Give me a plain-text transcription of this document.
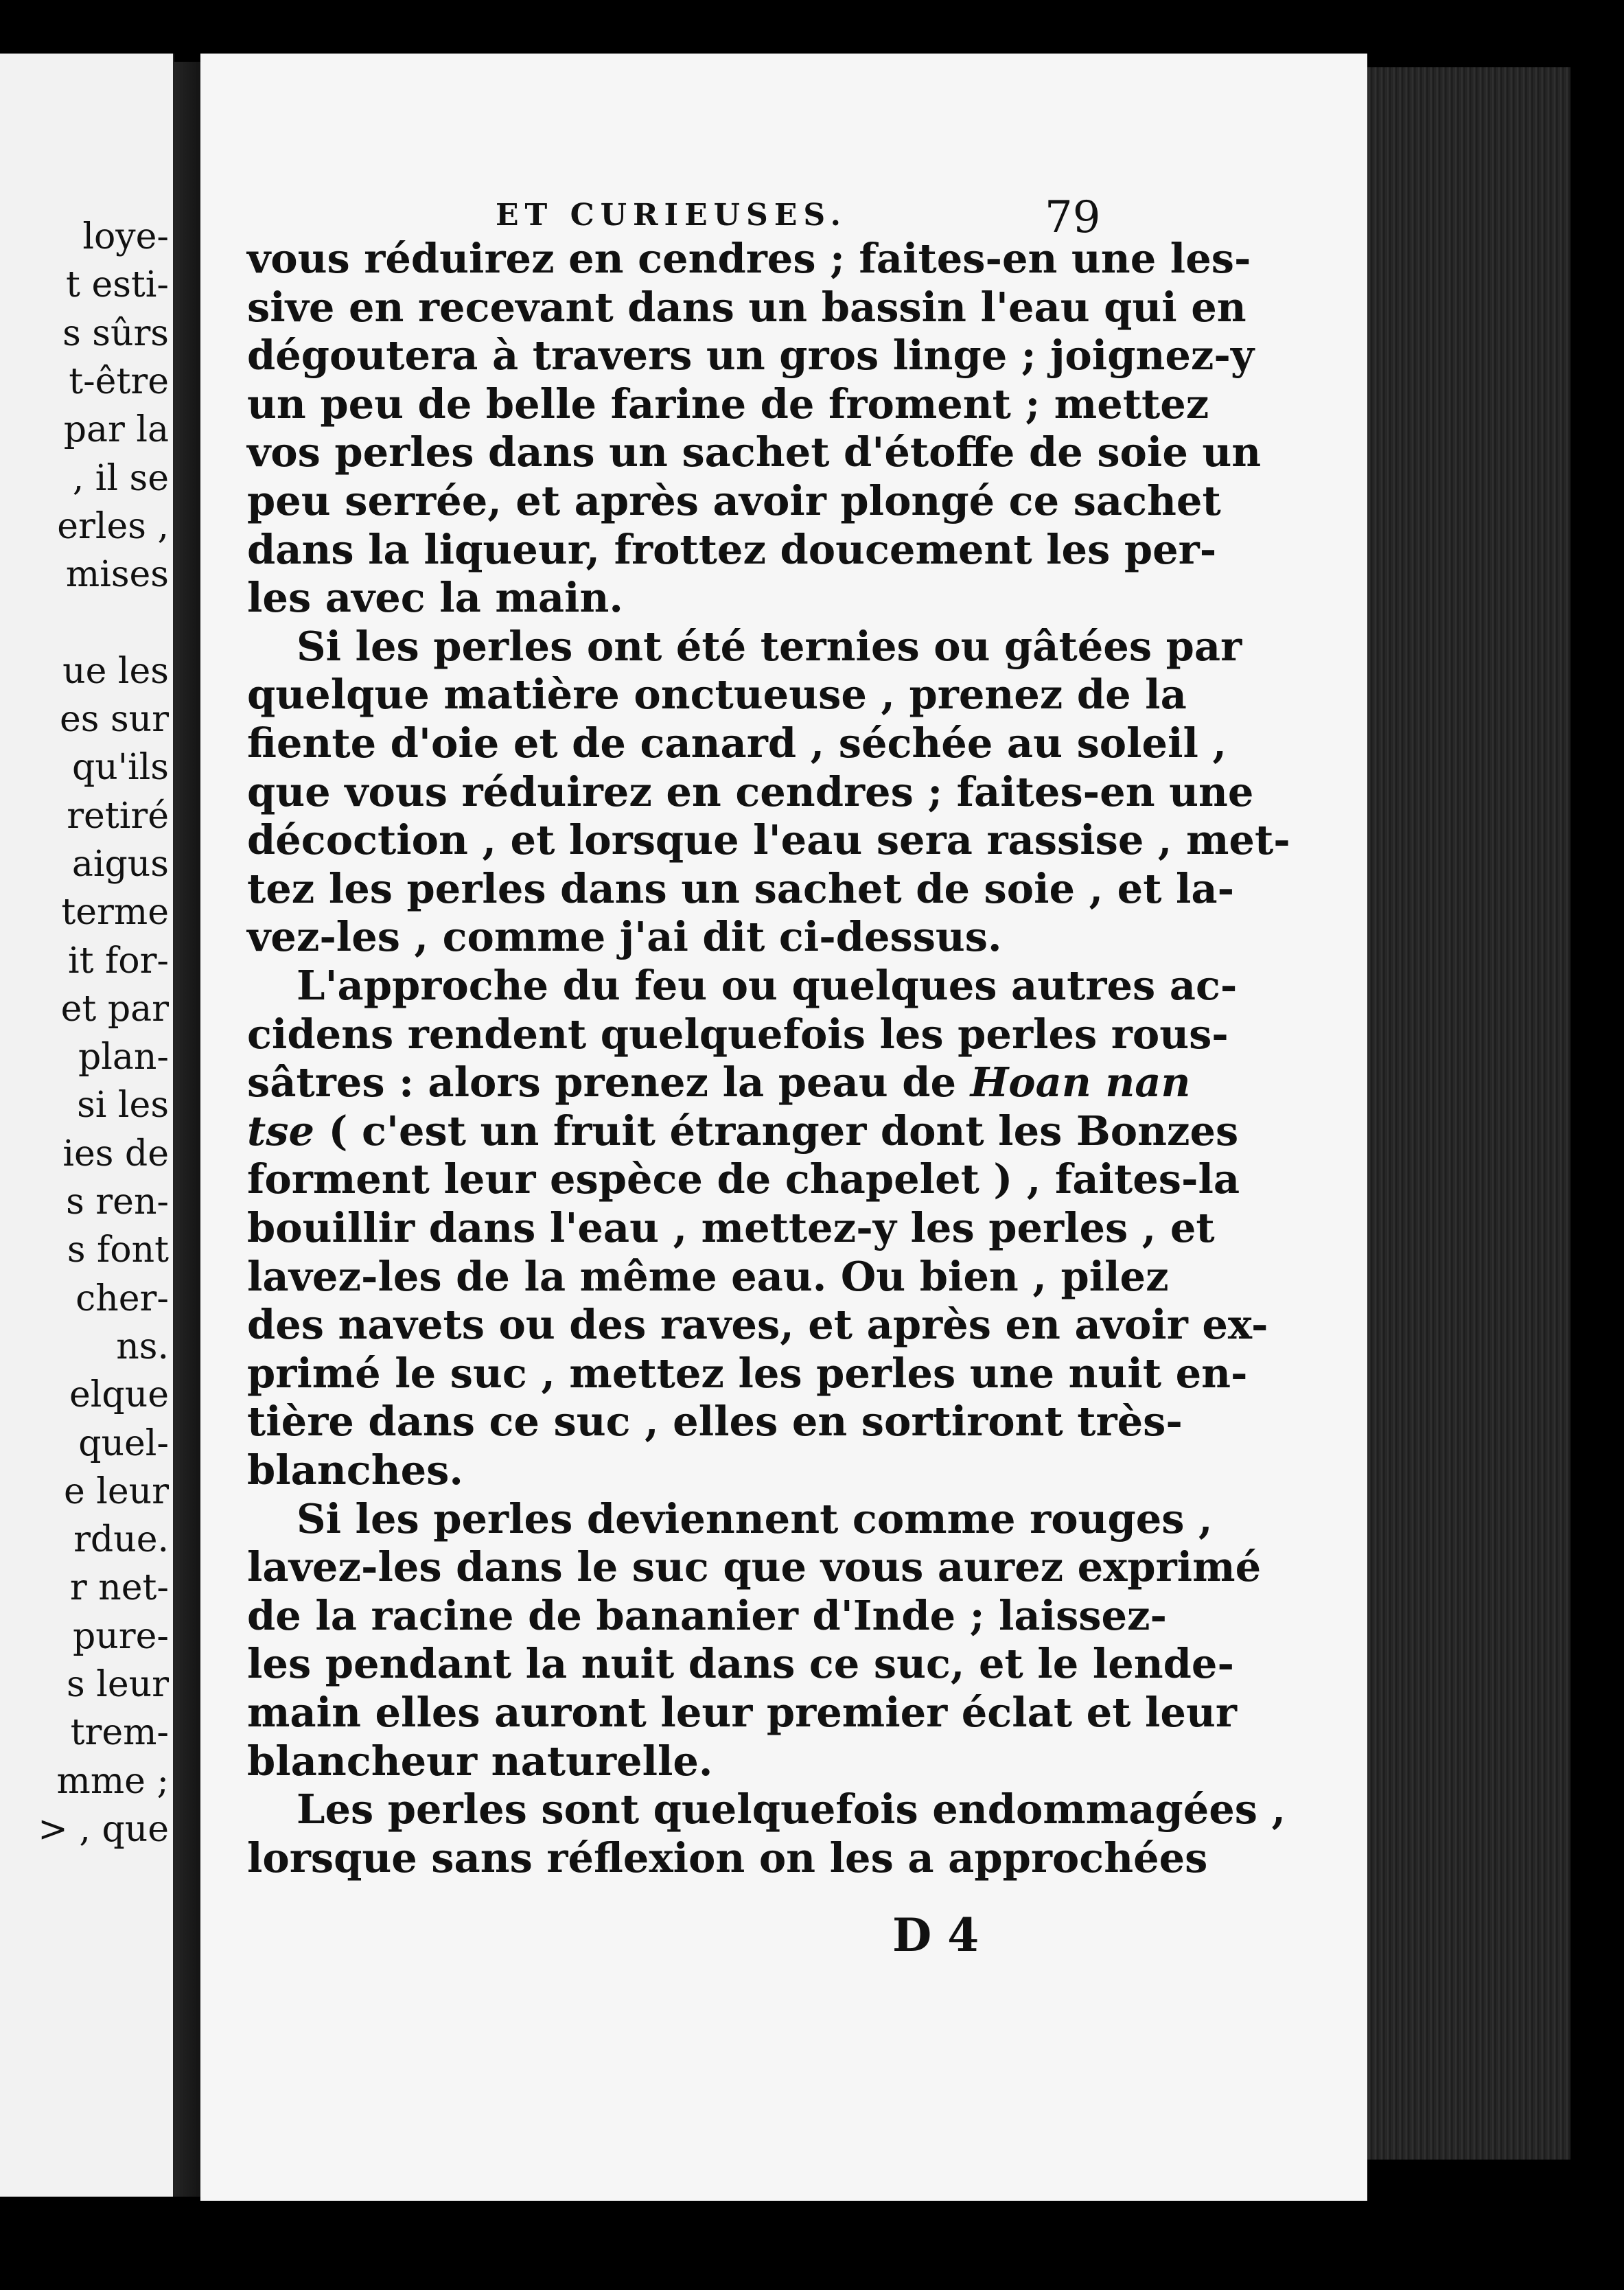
loye-
t esti-
s sûrs
t-être
par la
, il se
erles ,
mises
ue les
es sur
qu'ils
retiré
aigus
terme
it for-
et par
plan-
si les
ies de
s ren-
s font
cher-
ns.
elque
quel-
e leur
rdue.
r net-
pure-
s leur
trem-
mme ;
> , que
ET CURIEUSES.	79
vous réduirez en cendres ; faites-en une les-
sive en recevant dans un bassin l'eau qui en
dégoutera à travers un gros linge ; joignez-y
un peu de belle farine de froment ; mettez
vos perles dans un sachet d'étoffe de soie un
peu serrée, et après avoir plongé ce sachet
dans la liqueur, frottez doucement les per-
les avec la main.
Si les perles ont été ternies ou gâtées par
quelque matière onctueuse , prenez de la
fiente d'oie et de canard , séchée au soleil ,
que vous réduirez en cendres ; faites-en une
décoction , et lorsque l'eau sera rassise , met-
tez les perles dans un sachet de soie , et la-
vez-les , comme j'ai dit ci-dessus.
L'approche du feu ou quelques autres ac-
cidens rendent quelquefois les perles rous-
sâtres : alors prenez la peau de Hoan nan
tse ( c'est un fruit étranger dont les Bonzes
forment leur espèce de chapelet ) , faites-la
bouillir dans l'eau , mettez-y les perles , et
lavez-les de la même eau. Ou bien , pilez
des navets ou des raves, et après en avoir ex-
primé le suc , mettez les perles une nuit en-
tière dans ce suc , elles en sortiront très-
blanches.
Si les perles deviennent comme rouges ,
lavez-les dans le suc que vous aurez exprimé
de la racine de bananier d'Inde ; laissez-
les pendant la nuit dans ce suc, et le lende-
main elles auront leur premier éclat et leur
blancheur naturelle.
Les perles sont quelquefois endommagées ,
lorsque sans réflexion on les a approchées
D 4
